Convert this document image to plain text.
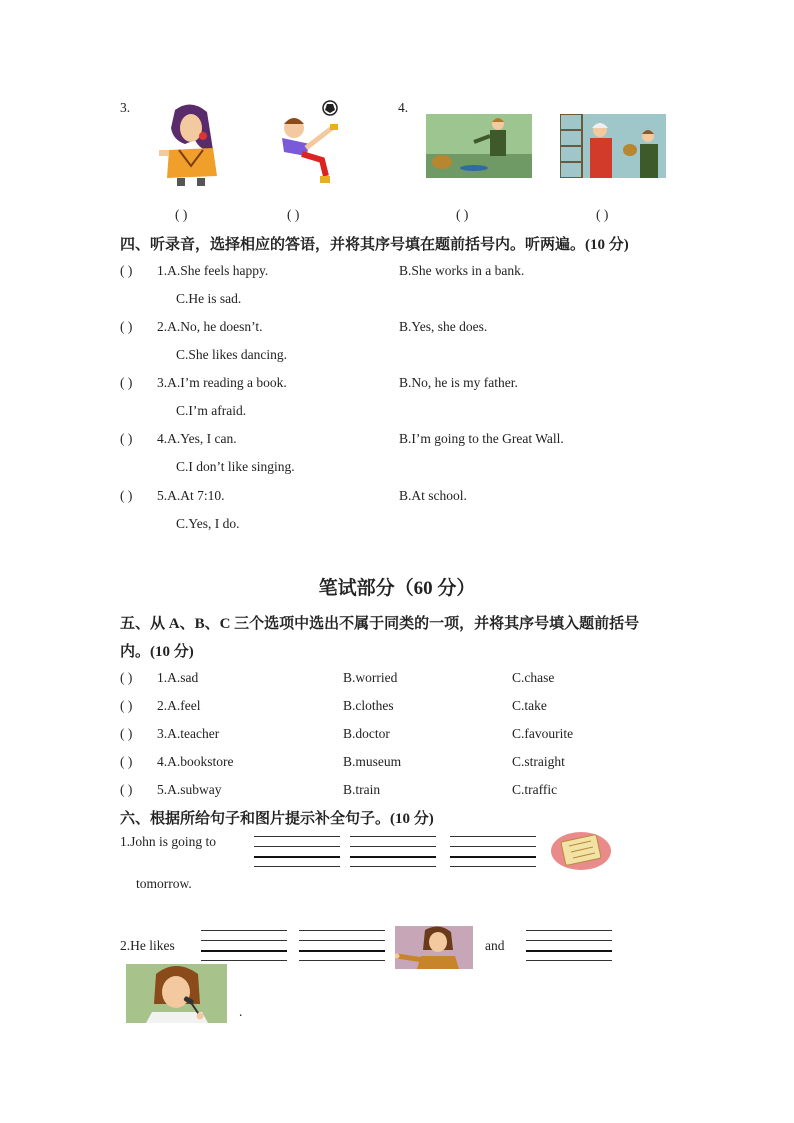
3.	4.
( )	( )	( )	( )
四、听录音，选择相应的答语，并将其序号填在题前括号内。听两遍。(10 分)
( ) 1.A.She feels happy.	B.She works in a bank.
C.He is sad.
( ) 2.A.No, he doesn’t.	B.Yes, she does.
C.She likes dancing.
( ) 3.A.I’m reading a book.	B.No, he is my father.
C.I’m afraid.
( ) 4.A.Yes, I can.	B.I’m going to the Great Wall.
C.I don’t like singing.
( ) 5.A.At 7:10.	B.At school.
C.Yes, I do.
笔试部分（60 分）
五、从 A、B、C 三个选项中选出不属于同类的一项，并将其序号填入题前括号
内。(10 分)
( ) 1.A.sad	B.worried	C.chase
( ) 2.A.feel	B.clothes	C.take
( ) 3.A.teacher	B.doctor	C.favourite
( ) 4.A.bookstore	B.museum	C.straight
( ) 5.A.subway	B.train	C.traffic
六、根据所给句子和图片提示补全句子。(10 分)
1.John is going to
tomorrow.
2.He likes	and
.
